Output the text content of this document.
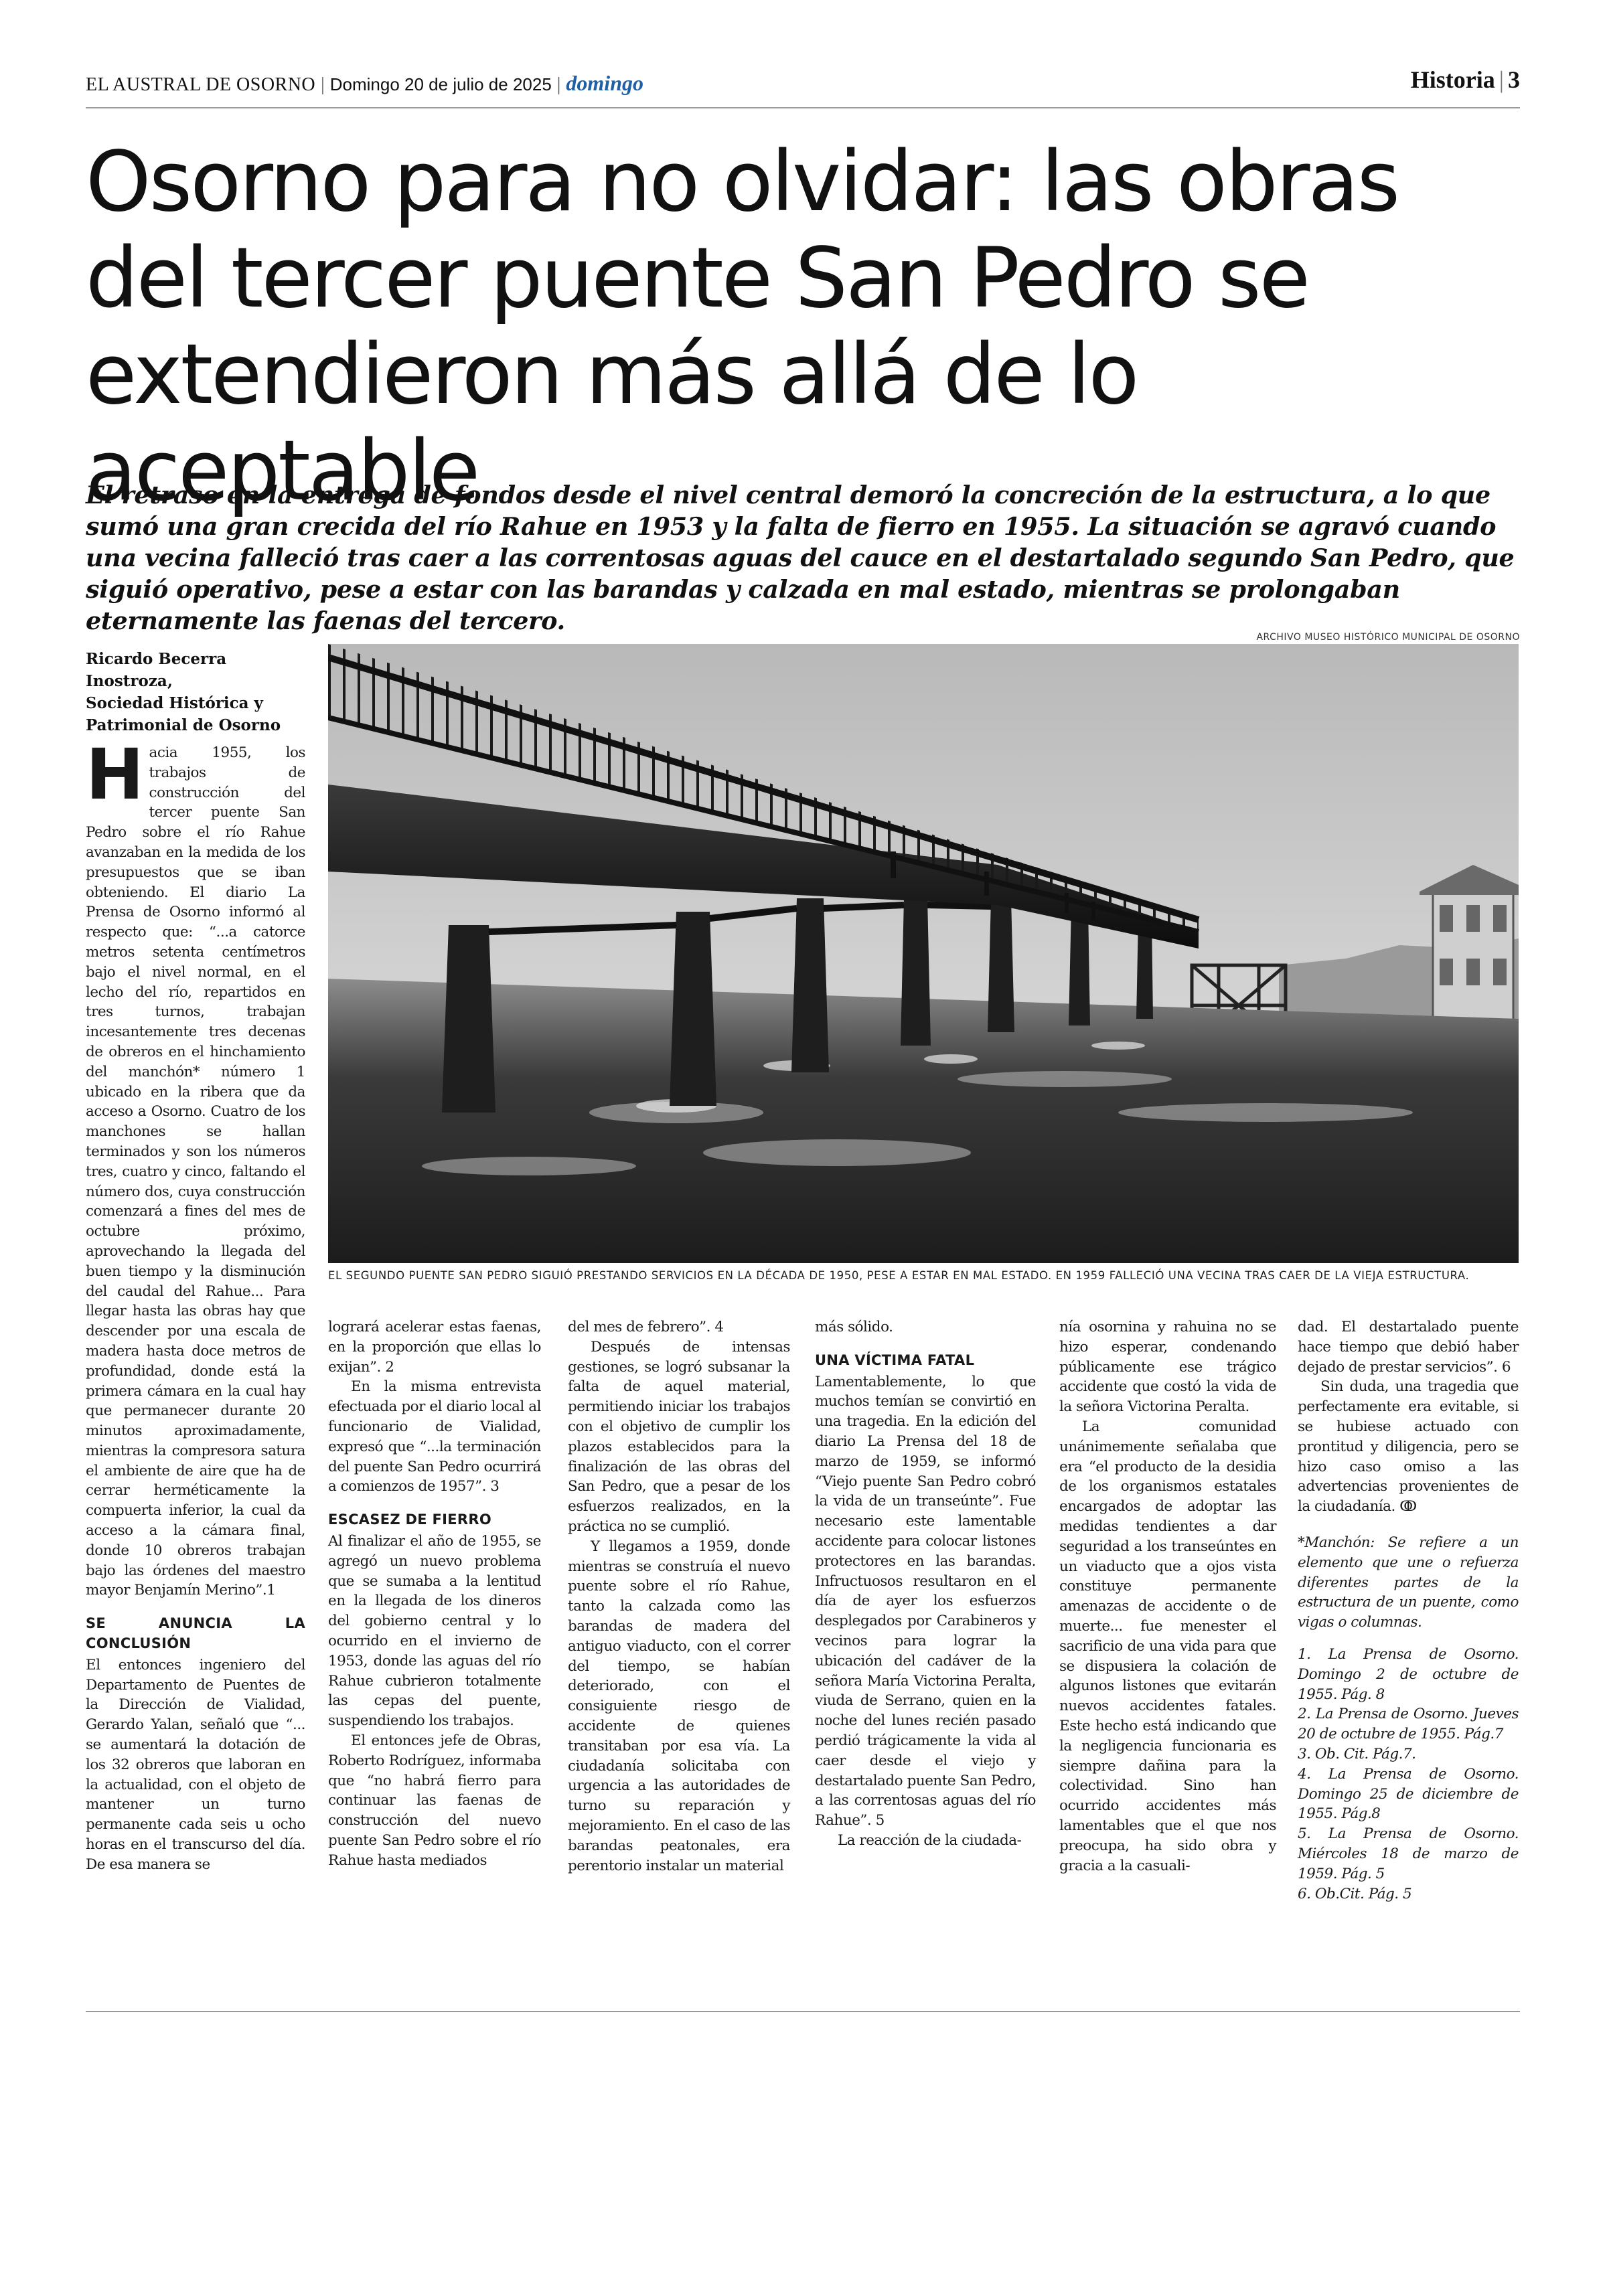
EL AUSTRAL DE OSORNO | Domingo 20 de julio de 2025 | domingo	Historia | 3
Osorno para no olvidar: las obras
del tercer puente San Pedro se
extendieron más allá de lo aceptable

El retraso en la entrega de fondos desde el nivel central demoró la concreción de la estructura, a lo que sumó una gran crecida del río Rahue en 1953 y la falta de fierro en 1955. La situación se agravó cuando una vecina falleció tras caer a las correntosas aguas del cauce en el destartalado segundo San Pedro, que siguió operativo, pese a estar con las barandas y calzada en mal estado, mientras se prolongaban eternamente las faenas del tercero.

ARCHIVO MUSEO HISTÓRICO MUNICIPAL DE OSORNO
Ricardo Becerra Inostroza,
Sociedad Histórica y
Patrimonial de Osorno
EL SEGUNDO PUENTE SAN PEDRO SIGUIÓ PRESTANDO SERVICIOS EN LA DÉCADA DE 1950, PESE A ESTAR EN MAL ESTADO. EN 1959 FALLECIÓ UNA VECINA TRAS CAER DE LA VIEJA ESTRUCTURA.

Hacia 1955, los trabajos de construcción del tercer puente San Pedro sobre el río Rahue avanzaban en la medida de los presupuestos que se iban obteniendo. El diario La Prensa de Osorno informó al respecto que: “...a catorce metros setenta centímetros bajo el nivel normal, en el lecho del río, repartidos en tres turnos, trabajan incesantemente tres decenas de obreros en el hinchamiento del manchón* número 1 ubicado en la ribera que da acceso a Osorno. Cuatro de los manchones se hallan terminados y son los números tres, cuatro y cinco, faltando el número dos, cuya construcción comenzará a fines del mes de octubre próximo, aprovechando la llegada del buen tiempo y la disminución del caudal del Rahue... Para llegar hasta las obras hay que descender por una escala de madera hasta doce metros de profundidad, donde está la primera cámara en la cual hay que permanecer durante 20 minutos aproximadamente, mientras la compresora satura el ambiente de aire que ha de cerrar herméticamente la compuerta inferior, la cual da acceso a la cámara final, donde 10 obreros trabajan bajo las órdenes del maestro mayor Benjamín Merino”.1

SE ANUNCIA LA CONCLUSIÓN

El entonces ingeniero del Departamento de Puentes de la Dirección de Vialidad, Gerardo Yalan, señaló que “... se aumentará la dotación de los 32 obreros que laboran en la actualidad, con el objeto de mantener un turno permanente cada seis u ocho horas en el transcurso del día. De esa manera se

logrará acelerar estas faenas, en la proporción que ellas lo exijan”. 2

En la misma entrevista efectuada por el diario local al funcionario de Vialidad, expresó que “...la terminación del puente San Pedro ocurrirá a comienzos de 1957”. 3

ESCASEZ DE FIERRO

Al finalizar el año de 1955, se agregó un nuevo problema que se sumaba a la lentitud en la llegada de los dineros del gobierno central y lo ocurrido en el invierno de 1953, donde las aguas del río Rahue cubrieron totalmente las cepas del puente, suspendiendo los trabajos.

El entonces jefe de Obras, Roberto Rodríguez, informaba que “no habrá fierro para continuar las faenas de construcción del nuevo puente San Pedro sobre el río Rahue hasta mediados

del mes de febrero”. 4

Después de intensas gestiones, se logró subsanar la falta de aquel material, permitiendo iniciar los trabajos con el objetivo de cumplir los plazos establecidos para la finalización de las obras del San Pedro, que a pesar de los esfuerzos realizados, en la práctica no se cumplió.

Y llegamos a 1959, donde mientras se construía el nuevo puente sobre el río Rahue, tanto la calzada como las barandas de madera del antiguo viaducto, con el correr del tiempo, se habían deteriorado, con el consiguiente riesgo de accidente de quienes transitaban por esa vía. La ciudadanía solicitaba con urgencia a las autoridades de turno su reparación y mejoramiento. En el caso de las barandas peatonales, era perentorio instalar un material

más sólido.

UNA VÍCTIMA FATAL

Lamentablemente, lo que muchos temían se convirtió en una tragedia. En la edición del diario La Prensa del 18 de marzo de 1959, se informó “Viejo puente San Pedro cobró la vida de un transeúnte”. Fue necesario este lamentable accidente para colocar listones protectores en las barandas. Infructuosos resultaron en el día de ayer los esfuerzos desplegados por Carabineros y vecinos para lograr la ubicación del cadáver de la señora María Victorina Peralta, viuda de Serrano, quien en la noche del lunes recién pasado perdió trágicamente la vida al caer desde el viejo y destartalado puente San Pedro, a las correntosas aguas del río Rahue”. 5

La reacción de la ciudada-

nía osornina y rahuina no se hizo esperar, condenando públicamente ese trágico accidente que costó la vida de la señora Victorina Peralta.

La comunidad unánimemente señalaba que era “el producto de la desidia de los organismos estatales encargados de adoptar las medidas tendientes a dar seguridad a los transeúntes en un viaducto que a ojos vista constituye permanente amenazas de accidente o de muerte... fue menester el sacrificio de una vida para que se dispusiera la colación de algunos listones que evitarán nuevos accidentes fatales. Este hecho está indicando que la negligencia funcionaria es siempre dañina para la colectividad. Sino han ocurrido accidentes más lamentables que el que nos preocupa, ha sido obra y gracia a la casuali-

dad. El destartalado puente hace tiempo que debió haber dejado de prestar servicios”. 6

Sin duda, una tragedia que perfectamente era evitable, si se hubiese actuado con prontitud y diligencia, pero se hizo caso omiso a las advertencias provenientes de la ciudadanía. ↂ

*Manchón: Se refiere a un elemento que une o refuerza diferentes partes de la estructura de un puente, como vigas o columnas.

1. La Prensa de Osorno. Domingo 2 de octubre de 1955. Pág. 8

2. La Prensa de Osorno. Jueves 20 de octubre de 1955. Pág.7

3. Ob. Cit. Pág.7.

4. La Prensa de Osorno. Domingo 25 de diciembre de 1955. Pág.8

5. La Prensa de Osorno. Miércoles 18 de marzo de 1959. Pág. 5

6. Ob.Cit. Pág. 5
